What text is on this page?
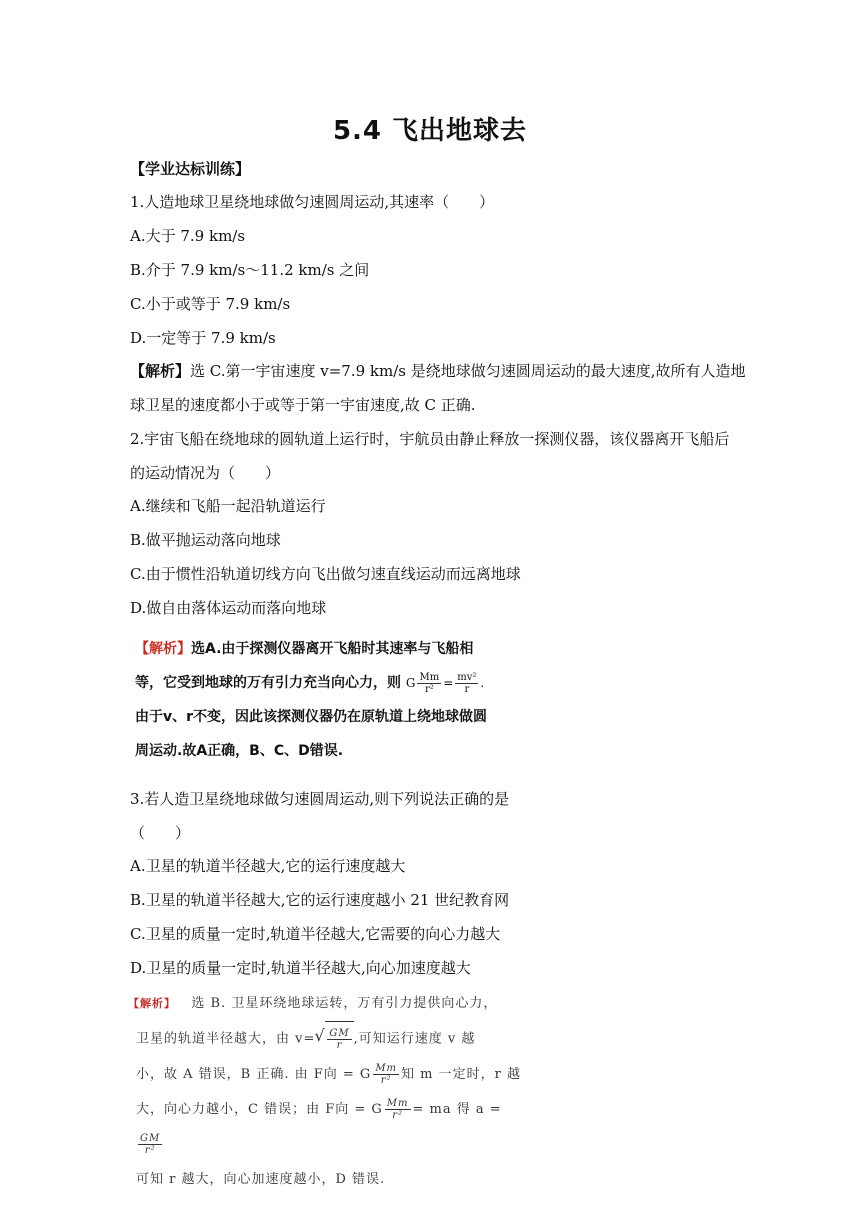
5.4 飞出地球去
【学业达标训练】
1.人造地球卫星绕地球做匀速圆周运动,其速率（　　）
A.大于 7.9 km/s
B.介于 7.9 km/s～11.2 km/s 之间
C.小于或等于 7.9 km/s
D.一定等于 7.9 km/s
【解析】选 C.第一宇宙速度 v=7.9 km/s 是绕地球做匀速圆周运动的最大速度,故所有人造地
球卫星的速度都小于或等于第一宇宙速度,故 C 正确.
2.宇宙飞船在绕地球的圆轨道上运行时，宇航员由静止释放一探测仪器，该仪器离开飞船后
的运动情况为（　　）
A.继续和飞船一起沿轨道运行
B.做平抛运动落向地球
C.由于惯性沿轨道切线方向飞出做匀速直线运动而远离地球
D.做自由落体运动而落向地球
【解析】选A.由于探测仪器离开飞船时其速率与飞船相
等，它受到地球的万有引力充当向心力，则 G $\frac{Mm}{\text{r²}} = \frac{\text{mv²}}{r}$ .
由于v、r不变，因此该探测仪器仍在原轨道上绕地球做圆
周运动.故A正确，B、C、D错误.
3.若人造卫星绕地球做匀速圆周运动,则下列说法正确的是
（　　）
A.卫星的轨道半径越大,它的运行速度越大
B.卫星的轨道半径越大,它的运行速度越小 21 世纪教育网
C.卫星的质量一定时,轨道半径越大,它需要的向心力越大
D.卫星的质量一定时,轨道半径越大,向心加速度越大
【解析】 选 B. 卫星环绕地球运转，万有引力提供向心力，
卫星的轨道半径越大，由 v=
√ $\frac{GM}{r}$ ,可知运行速度 v 越
小，故 A 错误，B 正确. 由 F向 = G $\frac{Mm}{\text{r²}}$ 知 m 一定时，r 越
大，向心力越小，C 错误；由 F向 = G $\frac{Mm}{\text{r²}}$ = ma 得 a =
$\frac{GM}{\text{r²}}$
可知 r 越大，向心加速度越小，D 错误.
